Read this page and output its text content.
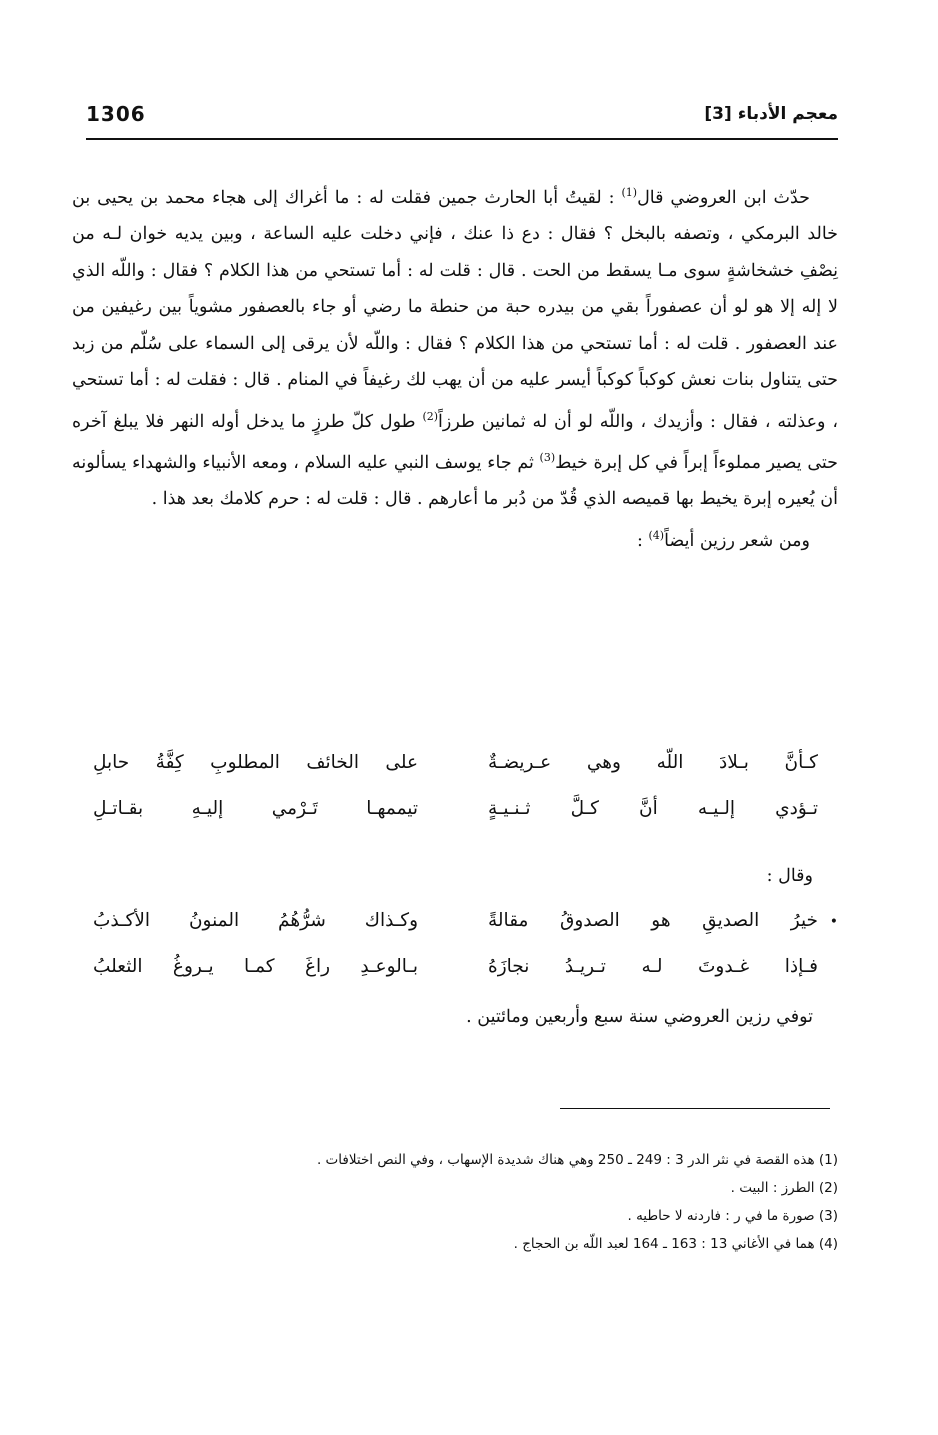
معجم الأدباء [3]
1306

حدّث ابن العروضي قال$^{(1)}$ : لقيتُ أبا الحارث جمين فقلت له : ما أغراك إلى هجاء محمد بن يحيى بن خالد البرمكي ، وتصفه بالبخل ؟ فقال : دع ذا عنك ، فإني دخلت عليه الساعة ، وبين يديه خوان لـه من نِصْفِ خشخاشةٍ سوى مـا يسقط من الحت . قال : قلت له : أما تستحي من هذا الكلام ؟ فقال : واللّه الذي لا إله إلا هو لو أن عصفوراً بقي من بيدره حبة من حنطة ما رضي أو جاء بالعصفور مشوياً بين رغيفين من عند العصفور . قلت له : أما تستحي من هذا الكلام ؟ فقال : واللّه لأن يرقى إلى السماء على سُلّم من زبد حتى يتناول بنات نعش كوكباً كوكباً أيسر عليه من أن يهب لك رغيفاً في المنام . قال : فقلت له : أما تستحي ، وعذلته ، فقال : وأزيدك ، واللّه لو أن له ثمانين طرزاً$^{(2)}$ طول كلّ طرزٍ ما يدخل أوله النهر فلا يبلغ آخره حتى يصير مملوءاً إبراً في كل إبرة خيط$^{(3)}$ ثم جاء يوسف النبي عليه السلام ، ومعه الأنبياء والشهداء يسألونه أن يُعيره إبرة يخيط بها قميصه الذي قُدّ من دُبر ما أعارهم . قال : قلت له : حرم كلامك بعد هذا .

ومن شعر رزين أيضاً$^{(4)}$ :

كـأنَّ بـلادَ اللّه وهي عـريضـةٌ
على الخائف المطلوبِ كِفَّةُ حابلِ
تـؤدي إلـيـه أنَّ كـلَّ ثـنـيـةٍ
تيممهـا تَـرْمي إليـهِ بقـاتـلِ
وقال :
•
خيرُ الصديقِ هو الصدوقُ مقالةً
وكـذاك شرُّهُمُ المنونُ الأكـذبُ
فـإذا غـدوتَ لـه تـريـدُ نجازَهُ
بـالوعـدِ راغَ كمـا يـروغُ الثعلبُ
توفي رزين العروضي سنة سبع وأربعين ومائتين .
(1) هذه القصة في نثر الدر 3 : 249 ـ 250 وهي هناك شديدة الإسهاب ، وفي النص اختلافات .
(2) الطرز : البيت .
(3) صورة ما في ر : فاردنه لا حاطيه .
(4) هما في الأغاني 13 : 163 ـ 164 لعبد اللّه بن الحجاج .
